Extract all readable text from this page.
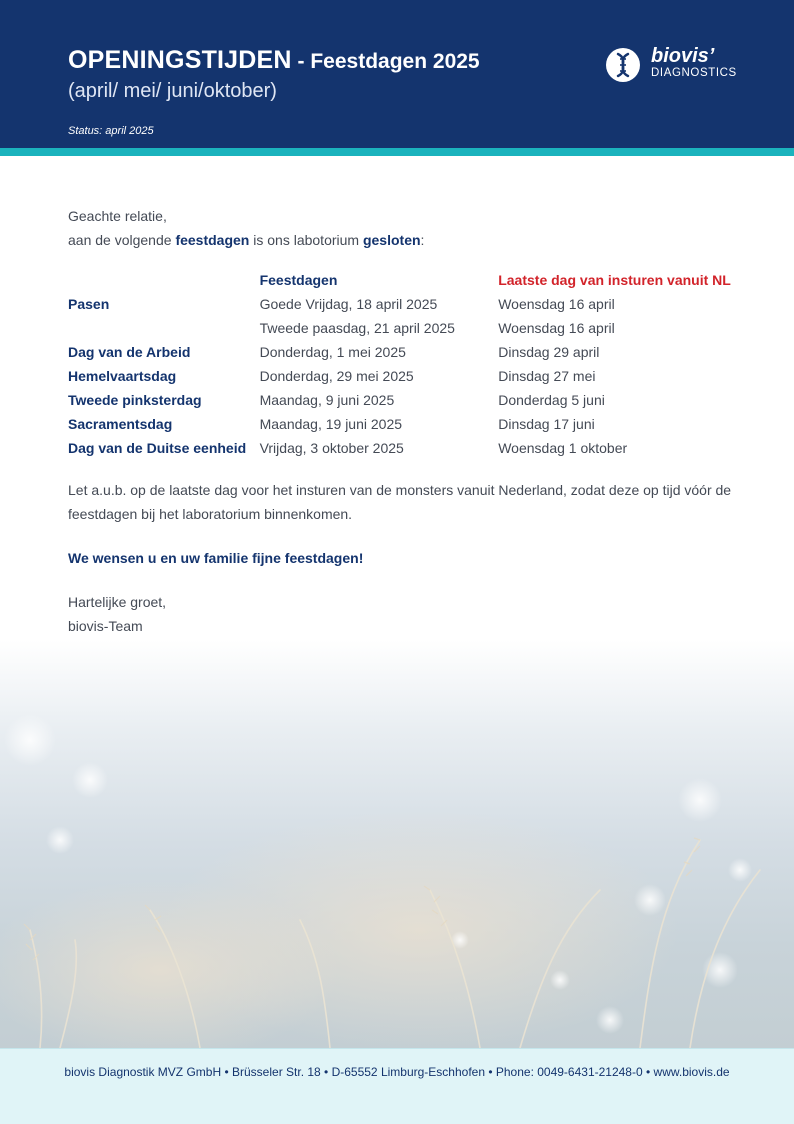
OPENINGSTIJDEN - Feestdagen 2025
(april/ mei/ juni/oktober)
Status: april 2025
biovis’
DIAGNOSTICS

Geachte relatie,

aan de volgende feestdagen is ons labotorium gesloten:

	Feestdagen	Laatste dag van insturen vanuit NL
Pasen	Goede Vrijdag, 18 april 2025	Woensdag 16 april
	Tweede paasdag, 21 april 2025	Woensdag 16 april
Dag van de Arbeid	Donderdag, 1 mei 2025	Dinsdag 29 april
Hemelvaartsdag	Donderdag, 29 mei 2025	Dinsdag 27 mei
Tweede pinksterdag	Maandag, 9 juni 2025	Donderdag 5 juni
Sacramentsdag	Maandag, 19 juni 2025	Dinsdag 17 juni
Dag van de Duitse eenheid	Vrijdag, 3 oktober 2025	Woensdag 1 oktober

Let a.u.b. op de laatste dag voor het insturen van de monsters vanuit Nederland, zodat deze op tijd vóór de feestdagen bij het laboratorium binnenkomen.

We wensen u en uw familie fijne feestdagen!

Hartelijke groet,
biovis-Team

biovis Diagnostik MVZ GmbH • Brüsseler Str. 18 • D-65552 Limburg-Eschhofen • Phone: 0049-6431-21248-0 • www.biovis.de
